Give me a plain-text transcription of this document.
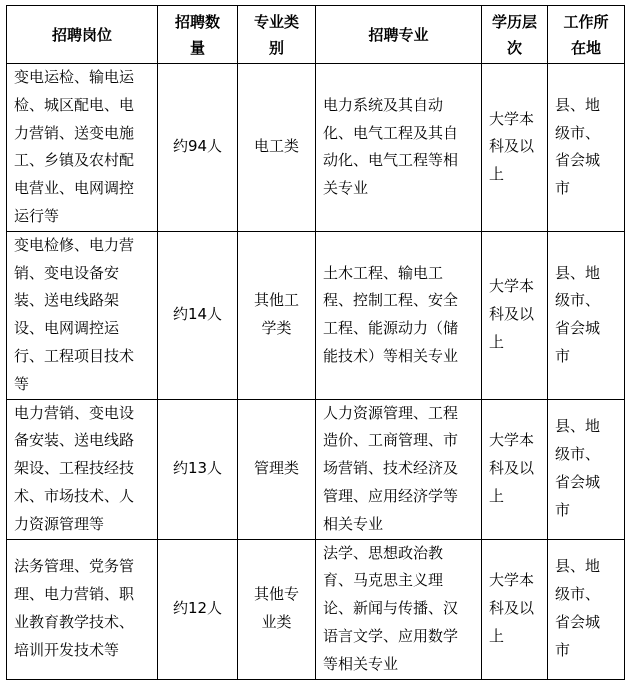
招聘岗位	招聘数
量	专业类
别	招聘专业	学历层
次	工作所
在地
变电运检、输电运
检、城区配电、电
力营销、送变电施
工、乡镇及农村配
电营业、电网调控
运行等	约94人	电工类	电力系统及其自动
化、电气工程及其自
动化、电气工程等相
关专业	大学本
科及以
上	县、地
级市、
省会城
市
变电检修、电力营
销、变电设备安
装、送电线路架
设、电网调控运
行、工程项目技术
等	约14人	其他工
学类	土木工程、输电工
程、控制工程、安全
工程、能源动力（储
能技术）等相关专业	大学本
科及以
上	县、地
级市、
省会城
市
电力营销、变电设
备安装、送电线路
架设、工程技经技
术、市场技术、人
力资源管理等	约13人	管理类	人力资源管理、工程
造价、工商管理、市
场营销、技术经济及
管理、应用经济学等
相关专业	大学本
科及以
上	县、地
级市、
省会城
市
法务管理、党务管
理、电力营销、职
业教育教学技术、
培训开发技术等	约12人	其他专
业类	法学、思想政治教
育、马克思主义理
论、新闻与传播、汉
语言文学、应用数学
等相关专业	大学本
科及以
上	县、地
级市、
省会城
市
